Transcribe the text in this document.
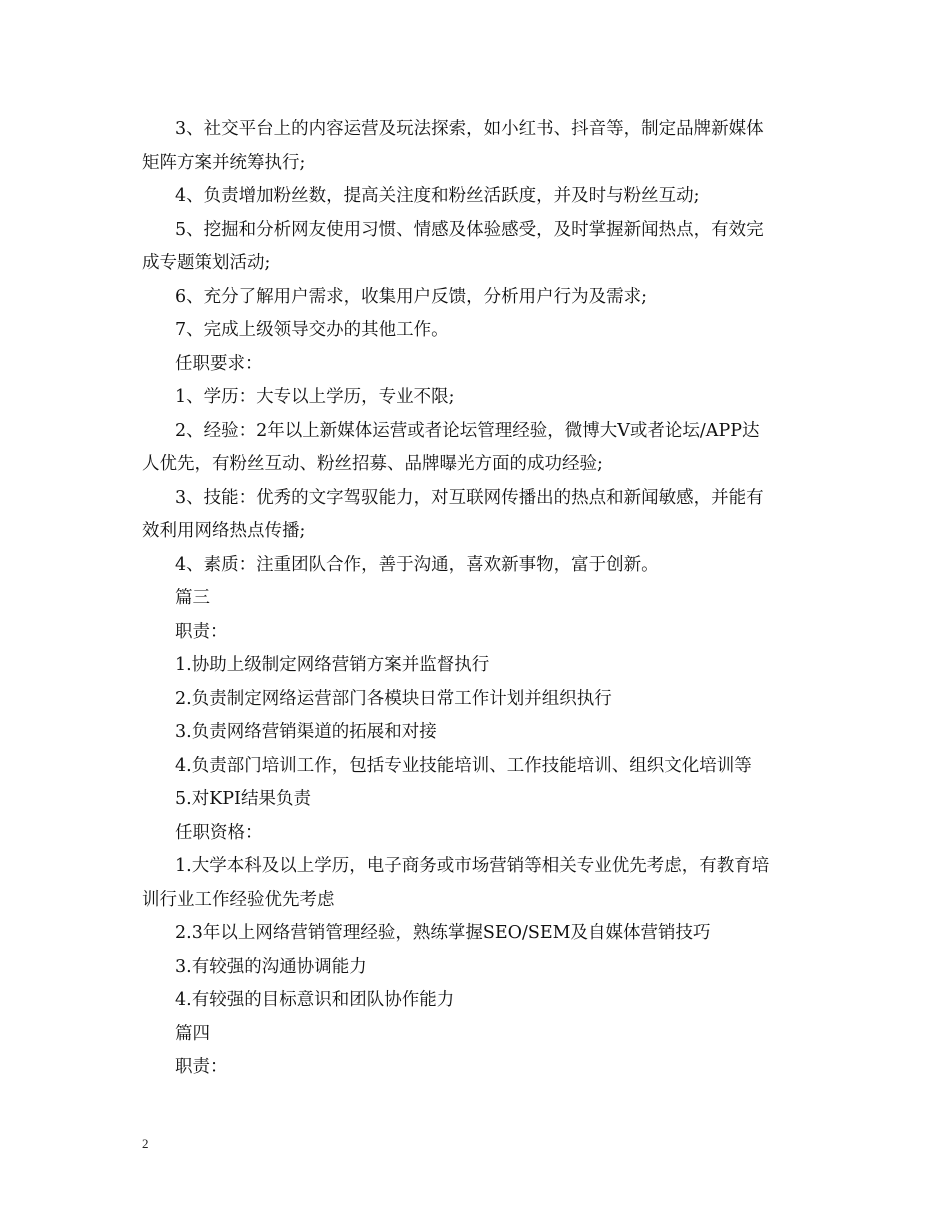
3、社交平台上的内容运营及玩法探索，如小红书、抖音等，制定品牌新媒体
矩阵方案并统筹执行;
4、负责增加粉丝数，提高关注度和粉丝活跃度，并及时与粉丝互动;
5、挖掘和分析网友使用习惯、情感及体验感受，及时掌握新闻热点，有效完
成专题策划活动;
6、充分了解用户需求，收集用户反馈，分析用户行为及需求;
7、完成上级领导交办的其他工作。
任职要求：
1、学历：大专以上学历，专业不限;
2、经验：2年以上新媒体运营或者论坛管理经验，微博大V或者论坛/APP达
人优先，有粉丝互动、粉丝招募、品牌曝光方面的成功经验;
3、技能：优秀的文字驾驭能力，对互联网传播出的热点和新闻敏感，并能有
效利用网络热点传播;
4、素质：注重团队合作，善于沟通，喜欢新事物，富于创新。
篇三
职责：
1.协助上级制定网络营销方案并监督执行
2.负责制定网络运营部门各模块日常工作计划并组织执行
3.负责网络营销渠道的拓展和对接
4.负责部门培训工作，包括专业技能培训、工作技能培训、组织文化培训等
5.对KPI结果负责
任职资格：
1.大学本科及以上学历，电子商务或市场营销等相关专业优先考虑，有教育培
训行业工作经验优先考虑
2.3年以上网络营销管理经验，熟练掌握SEO/SEM及自媒体营销技巧
3.有较强的沟通协调能力
4.有较强的目标意识和团队协作能力
篇四
职责：
2
